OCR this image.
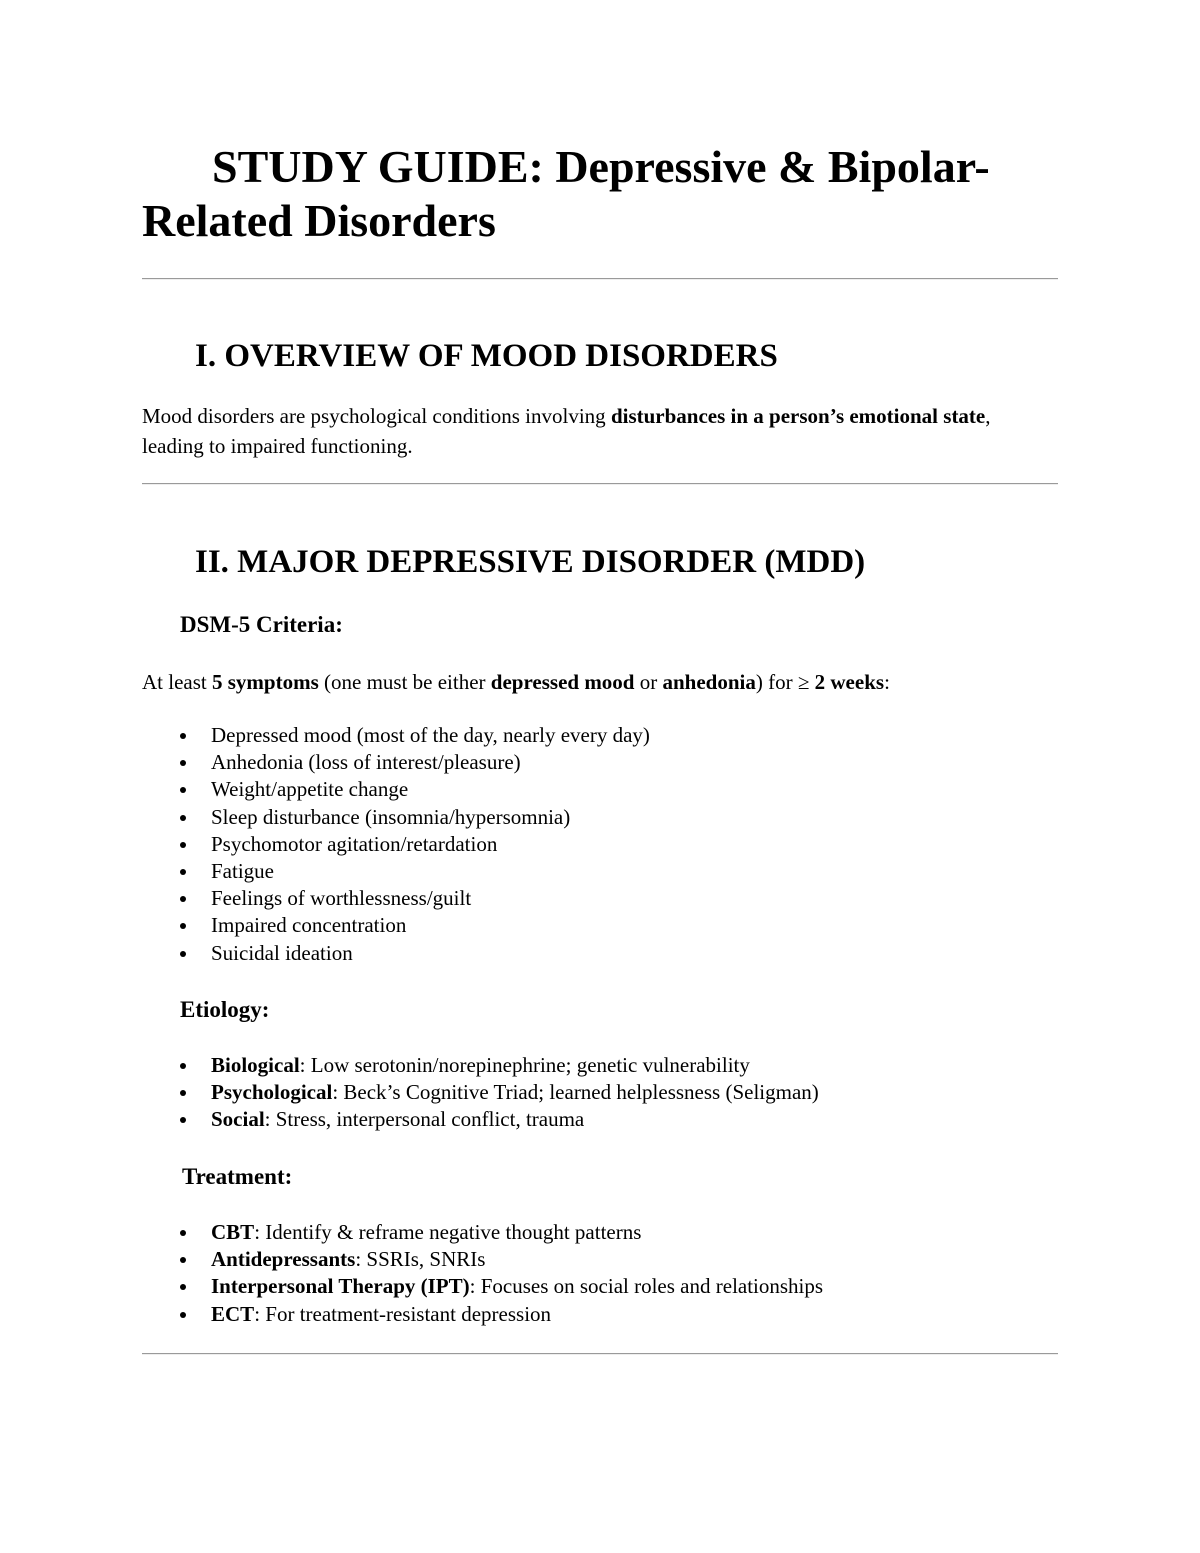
STUDY GUIDE: Depressive & Bipolar-Related Disorders
I. OVERVIEW OF MOOD DISORDERS

Mood disorders are psychological conditions involving disturbances in a person’s emotional state, leading to impaired functioning.

II. MAJOR DEPRESSIVE DISORDER (MDD)
DSM-5 Criteria:

At least 5 symptoms (one must be either depressed mood or anhedonia) for ≥ 2 weeks:

Depressed mood (most of the day, nearly every day)
Anhedonia (loss of interest/pleasure)
Weight/appetite change
Sleep disturbance (insomnia/hypersomnia)
Psychomotor agitation/retardation
Fatigue
Feelings of worthlessness/guilt
Impaired concentration
Suicidal ideation
Etiology:
Biological: Low serotonin/norepinephrine; genetic vulnerability
Psychological: Beck’s Cognitive Triad; learned helplessness (Seligman)
Social: Stress, interpersonal conflict, trauma
Treatment:
CBT: Identify & reframe negative thought patterns
Antidepressants: SSRIs, SNRIs
Interpersonal Therapy (IPT): Focuses on social roles and relationships
ECT: For treatment-resistant depression
